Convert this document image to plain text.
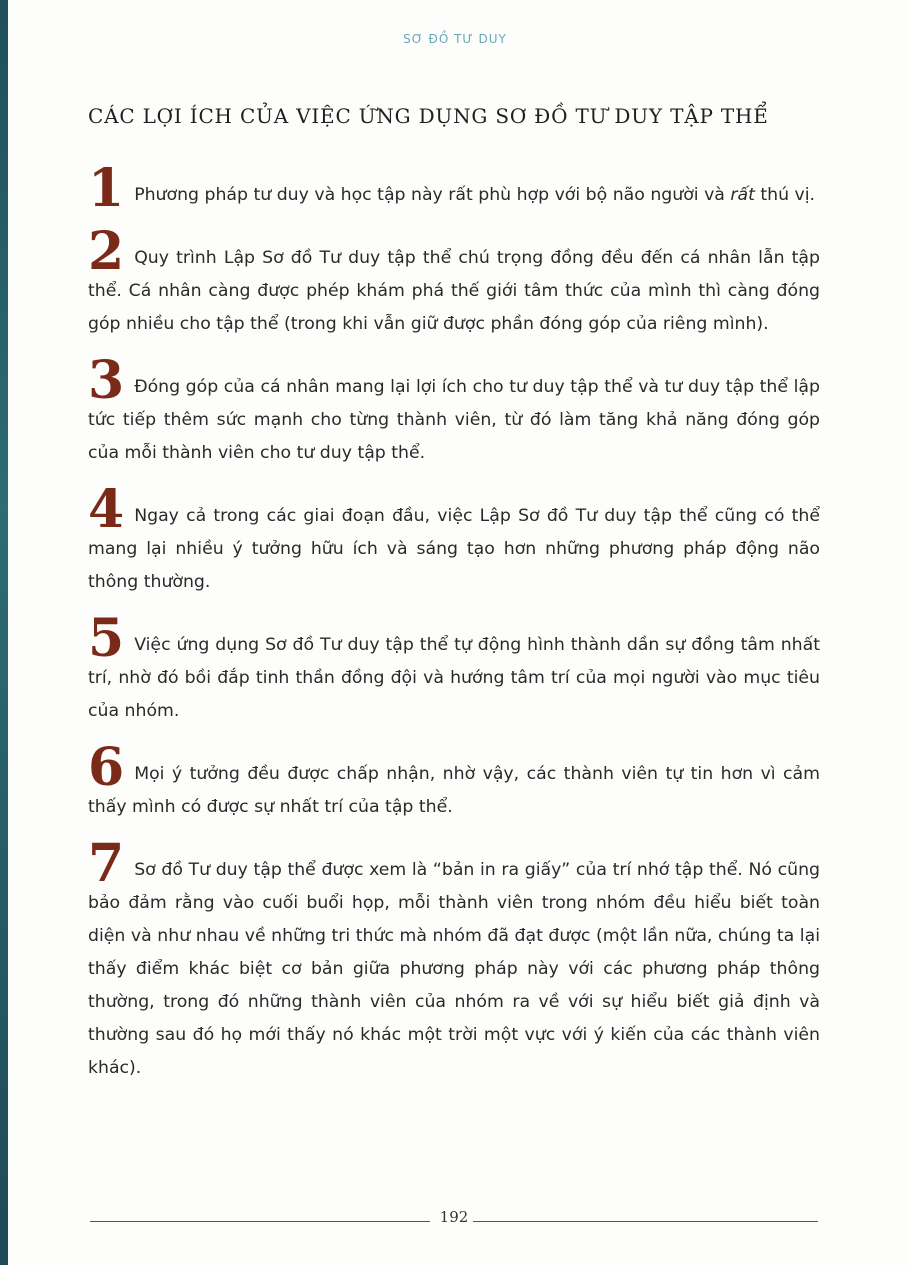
SƠ ĐỒ TƯ DUY
CÁC LỢI ÍCH CỦA VIỆC ỨNG DỤNG SƠ ĐỒ TƯ DUY TẬP THỂ

1 Phương pháp tư duy và học tập này rất phù hợp với bộ não người và rất thú vị.

2 Quy trình Lập Sơ đồ Tư duy tập thể chú trọng đồng đều đến cá nhân lẫn tập thể. Cá nhân càng được phép khám phá thế giới tâm thức của mình thì càng đóng góp nhiều cho tập thể (trong khi vẫn giữ được phần đóng góp của riêng mình).

3 Đóng góp của cá nhân mang lại lợi ích cho tư duy tập thể và tư duy tập thể lập tức tiếp thêm sức mạnh cho từng thành viên, từ đó làm tăng khả năng đóng góp của mỗi thành viên cho tư duy tập thể.

4 Ngay cả trong các giai đoạn đầu, việc Lập Sơ đồ Tư duy tập thể cũng có thể mang lại nhiều ý tưởng hữu ích và sáng tạo hơn những phương pháp động não thông thường.

5 Việc ứng dụng Sơ đồ Tư duy tập thể tự động hình thành dần sự đồng tâm nhất trí, nhờ đó bồi đắp tinh thần đồng đội và hướng tâm trí của mọi người vào mục tiêu của nhóm.

6 Mọi ý tưởng đều được chấp nhận, nhờ vậy, các thành viên tự tin hơn vì cảm thấy mình có được sự nhất trí của tập thể.

7 Sơ đồ Tư duy tập thể được xem là “bản in ra giấy” của trí nhớ tập thể. Nó cũng bảo đảm rằng vào cuối buổi họp, mỗi thành viên trong nhóm đều hiểu biết toàn diện và như nhau về những tri thức mà nhóm đã đạt được (một lần nữa, chúng ta lại thấy điểm khác biệt cơ bản giữa phương pháp này với các phương pháp thông thường, trong đó những thành viên của nhóm ra về với sự hiểu biết giả định và thường sau đó họ mới thấy nó khác một trời một vực với ý kiến của các thành viên khác).

192
